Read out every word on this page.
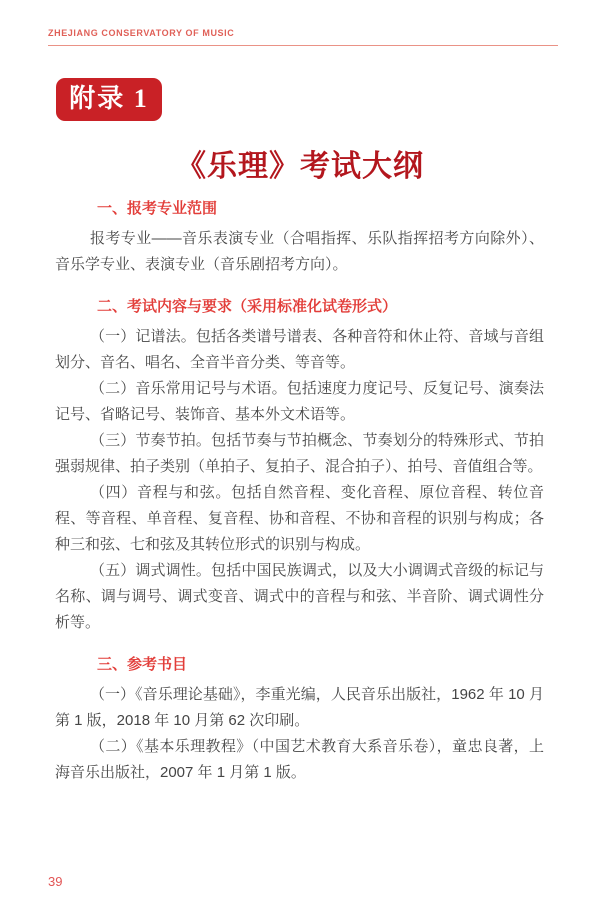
ZHEJIANG CONSERVATORY OF MUSIC
附录 1
《乐理》考试大纲
一、报考专业范围

报考专业——音乐表演专业（合唱指挥、乐队指挥招考方向除外）、音乐学专业、表演专业（音乐剧招考方向）。

二、考试内容与要求（采用标准化试卷形式）

（一）记谱法。包括各类谱号谱表、各种音符和休止符、音域与音组划分、音名、唱名、全音半音分类、等音等。

（二）音乐常用记号与术语。包括速度力度记号、反复记号、演奏法记号、省略记号、装饰音、基本外文术语等。

（三）节奏节拍。包括节奏与节拍概念、节奏划分的特殊形式、节拍强弱规律、拍子类别（单拍子、复拍子、混合拍子）、拍号、音值组合等。

（四）音程与和弦。包括自然音程、变化音程、原位音程、转位音程、等音程、单音程、复音程、协和音程、不协和音程的识别与构成；各种三和弦、七和弦及其转位形式的识别与构成。

（五）调式调性。包括中国民族调式，以及大小调调式音级的标记与名称、调与调号、调式变音、调式中的音程与和弦、半音阶、调式调性分析等。

三、参考书目

（一）《音乐理论基础》，李重光编，人民音乐出版社，1962 年 10 月第 1 版，2018 年 10 月第 62 次印刷。

（二）《基本乐理教程》（中国艺术教育大系音乐卷），童忠良著，上海音乐出版社，2007 年 1 月第 1 版。

39
